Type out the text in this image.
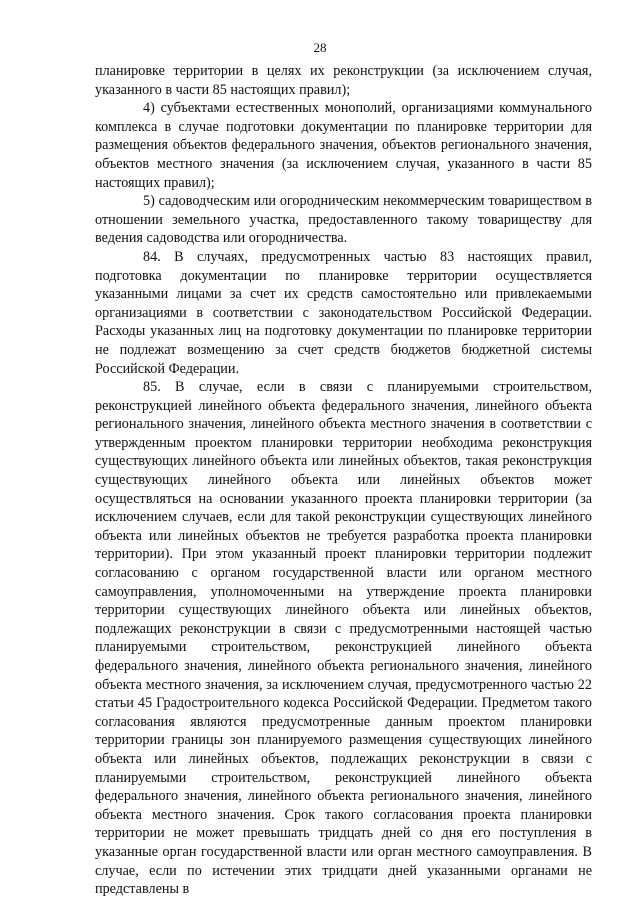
28

планировке территории в целях их реконструкции (за исключением случая, указанного в части 85 настоящих правил);

4) субъектами естественных монополий, организациями коммунального комплекса в случае подготовки документации по планировке территории для размещения объектов федерального значения, объектов регионального значения, объектов местного значения (за исключением случая, указанного в части 85 настоящих правил);

5) садоводческим или огородническим некоммерческим товариществом в отношении земельного участка, предоставленного такому товариществу для ведения садоводства или огородничества.

84. В случаях, предусмотренных частью 83 настоящих правил, подготовка документации по планировке территории осуществляется указанными лицами за счет их средств самостоятельно или привлекаемыми организациями в соответствии с законодательством Российской Федерации. Расходы указанных лиц на подготовку документации по планировке территории не подлежат возмещению за счет средств бюджетов бюджетной системы Российской Федерации.

85. В случае, если в связи с планируемыми строительством, реконструкцией линейного объекта федерального значения, линейного объекта регионального значения, линейного объекта местного значения в соответствии с утвержденным проектом планировки территории необходима реконструкция существующих линейного объекта или линейных объектов, такая реконструкция существующих линейного объекта или линейных объектов может осуществляться на основании указанного проекта планировки территории (за исключением случаев, если для такой реконструкции существующих линейного объекта или линейных объектов не требуется разработка проекта планировки территории). При этом указанный проект планировки территории подлежит согласованию с органом государственной власти или органом местного самоуправления, уполномоченными на утверждение проекта планировки территории существующих линейного объекта или линейных объектов, подлежащих реконструкции в связи с предусмотренными настоящей частью планируемыми строительством, реконструкцией линейного объекта федерального значения, линейного объекта регионального значения, линейного объекта местного значения, за исключением случая, предусмотренного частью 22 статьи 45 Градостроительного кодекса Российской Федерации. Предметом такого согласования являются предусмотренные данным проектом планировки территории границы зон планируемого размещения существующих линейного объекта или линейных объектов, подлежащих реконструкции в связи с планируемыми строительством, реконструкцией линейного объекта федерального значения, линейного объекта регионального значения, линейного объекта местного значения. Срок такого согласования проекта планировки территории не может превышать тридцать дней со дня его поступления в указанные орган государственной власти или орган местного самоуправления. В случае, если по истечении этих тридцати дней указанными органами не представлены в
